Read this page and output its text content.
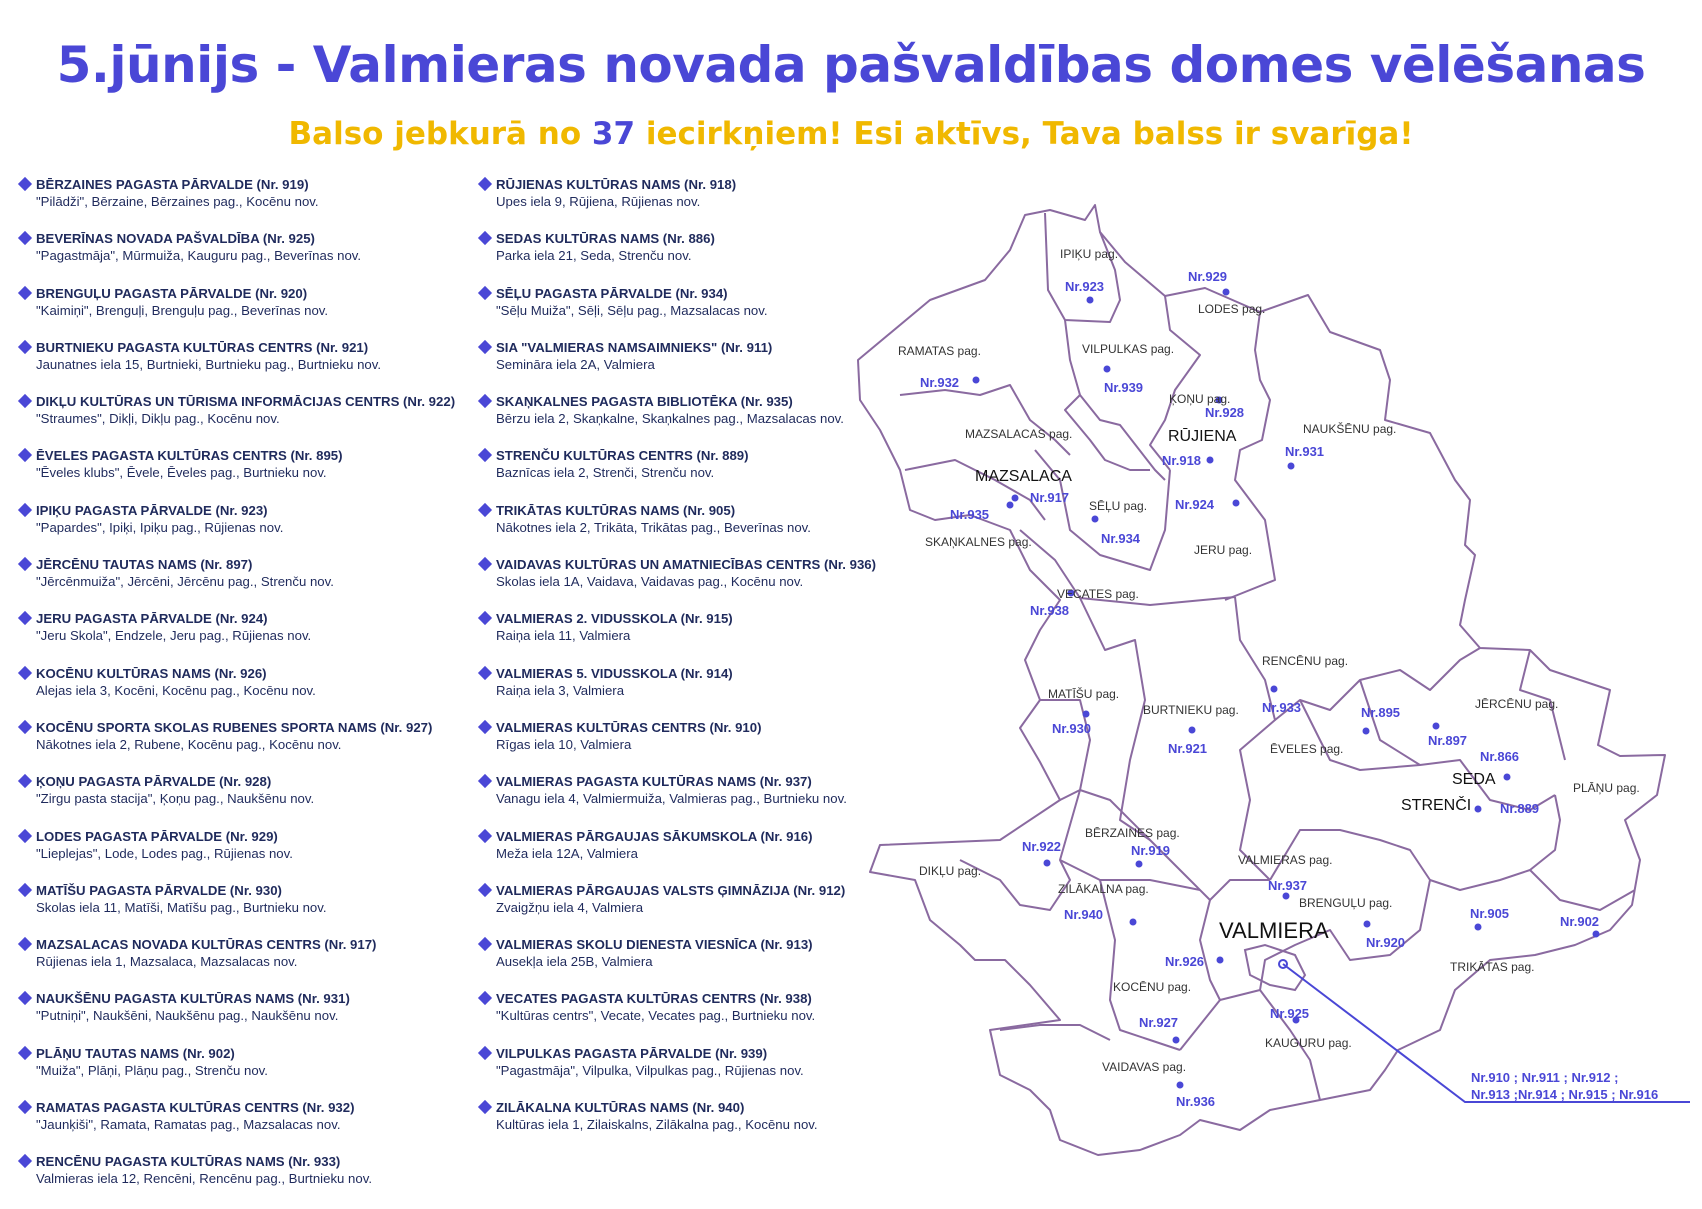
5.jūnijs - Valmieras novada pašvaldības domes vēlēšanas
Balso jebkurā no 37 iecirkņiem! Esi aktīvs, Tava balss ir svarīga!
BĒRZAINES PAGASTA PĀRVALDE (Nr. 919)
"Pilādži", Bērzaine, Bērzaines pag., Kocēnu nov.
BEVERĪNAS NOVADA PAŠVALDĪBA (Nr. 925)
"Pagastmāja", Mūrmuiža, Kauguru pag., Beverīnas nov.
BRENGUĻU PAGASTA PĀRVALDE (Nr. 920)
"Kaimiņi", Brenguļi, Brenguļu pag., Beverīnas nov.
BURTNIEKU PAGASTA KULTŪRAS CENTRS (Nr. 921)
Jaunatnes iela 15, Burtnieki, Burtnieku pag., Burtnieku nov.
DIKĻU KULTŪRAS UN TŪRISMA INFORMĀCIJAS CENTRS (Nr. 922)
"Straumes", Dikļi, Dikļu pag., Kocēnu nov.
ĒVELES PAGASTA KULTŪRAS CENTRS (Nr. 895)
"Ēveles klubs", Ēvele, Ēveles pag., Burtnieku nov.
IPIĶU PAGASTA PĀRVALDE (Nr. 923)
"Papardes", Ipiķi, Ipiķu pag., Rūjienas nov.
JĒRCĒNU TAUTAS NAMS (Nr. 897)
"Jērcēnmuiža", Jērcēni, Jērcēnu pag., Strenču nov.
JERU PAGASTA PĀRVALDE (Nr. 924)
"Jeru Skola", Endzele, Jeru pag., Rūjienas nov.
KOCĒNU KULTŪRAS NAMS (Nr. 926)
Alejas iela 3, Kocēni, Kocēnu pag., Kocēnu nov.
KOCĒNU SPORTA SKOLAS RUBENES SPORTA NAMS (Nr. 927)
Nākotnes iela 2, Rubene, Kocēnu pag., Kocēnu nov.
ĶOŅU PAGASTA PĀRVALDE (Nr. 928)
"Zirgu pasta stacija", Ķoņu pag., Naukšēnu nov.
LODES PAGASTA PĀRVALDE (Nr. 929)
"Lieplejas", Lode, Lodes pag., Rūjienas nov.
MATĪŠU PAGASTA PĀRVALDE (Nr. 930)
Skolas iela 11, Matīši, Matīšu pag., Burtnieku nov.
MAZSALACAS NOVADA KULTŪRAS CENTRS (Nr. 917)
Rūjienas iela 1, Mazsalaca, Mazsalacas nov.
NAUKŠĒNU PAGASTA KULTŪRAS NAMS (Nr. 931)
"Putniņi", Naukšēni, Naukšēnu pag., Naukšēnu nov.
PLĀŅU TAUTAS NAMS (Nr. 902)
"Muiža", Plāņi, Plāņu pag., Strenču nov.
RAMATAS PAGASTA KULTŪRAS CENTRS (Nr. 932)
"Jaunķiši", Ramata, Ramatas pag., Mazsalacas nov.
RENCĒNU PAGASTA KULTŪRAS NAMS (Nr. 933)
Valmieras iela 12, Rencēni, Rencēnu pag., Burtnieku nov.
RŪJIENAS KULTŪRAS NAMS (Nr. 918)
Upes iela 9, Rūjiena, Rūjienas nov.
SEDAS KULTŪRAS NAMS (Nr. 886)
Parka iela 21, Seda, Strenču nov.
SĒĻU PAGASTA PĀRVALDE (Nr. 934)
"Sēļu Muiža", Sēļi, Sēļu pag., Mazsalacas nov.
SIA "VALMIERAS NAMSAIMNIEKS" (Nr. 911)
Semināra iela 2A, Valmiera
SKAŅKALNES PAGASTA BIBLIOTĒKA (Nr. 935)
Bērzu iela 2, Skaņkalne, Skaņkalnes pag., Mazsalacas nov.
STRENČU KULTŪRAS CENTRS (Nr. 889)
Baznīcas iela 2, Strenči, Strenču nov.
TRIKĀTAS KULTŪRAS NAMS (Nr. 905)
Nākotnes iela 2, Trikāta, Trikātas pag., Beverīnas nov.
VAIDAVAS KULTŪRAS UN AMATNIECĪBAS CENTRS (Nr. 936)
Skolas iela 1A, Vaidava, Vaidavas pag., Kocēnu nov.
VALMIERAS 2. VIDUSSKOLA (Nr. 915)
Raiņa iela 11, Valmiera
VALMIERAS 5. VIDUSSKOLA (Nr. 914)
Raiņa iela 3, Valmiera
VALMIERAS KULTŪRAS CENTRS (Nr. 910)
Rīgas iela 10, Valmiera
VALMIERAS PAGASTA KULTŪRAS NAMS (Nr. 937)
Vanagu iela 4, Valmiermuiža, Valmieras pag., Burtnieku nov.
VALMIERAS PĀRGAUJAS SĀKUMSKOLA (Nr. 916)
Meža iela 12A, Valmiera
VALMIERAS PĀRGAUJAS VALSTS ĢIMNĀZIJA (Nr. 912)
Zvaigžņu iela 4, Valmiera
VALMIERAS SKOLU DIENESTA VIESNĪCA (Nr. 913)
Ausekļa iela 25B, Valmiera
VECATES PAGASTA KULTŪRAS CENTRS (Nr. 938)
"Kultūras centrs", Vecate, Vecates pag., Burtnieku nov.
VILPULKAS PAGASTA PĀRVALDE (Nr. 939)
"Pagastmāja", Vilpulka, Vilpulkas pag., Rūjienas nov.
ZILĀKALNA KULTŪRAS NAMS (Nr. 940)
Kultūras iela 1, Zilaiskalns, Zilākalna pag., Kocēnu nov.
IPIĶU pag.
LODES pag.
RAMATAS pag.	VILPULKAS pag.
ĶOŅU pag.
NAUKŠĒNU pag.
MAZSALACAS pag.
SĒĻU pag.
JERU pag.
SKAŅKALNES pag.
VECATES pag.
RENCĒNU pag.
MATĪŠU pag.
BURTNIEKU pag.	JĒRCĒNU pag.
ĒVELES pag.
PLĀŅU pag.
BĒRZAINES pag.
DIKĻU pag.
ZILĀKALNA pag.
VALMIERAS pag.
BRENGUĻU pag.
TRIKĀTAS pag.
KOCĒNU pag.
KAUGURU pag.
VAIDAVAS pag.
RŪJIENA
MAZSALACA
SEDA
STRENČI
VALMIERA
Nr.923
Nr.929
Nr.932	Nr.939
Nr.928
Nr.931
Nr.918
Nr.917
Nr.935
Nr.924
Nr.934
Nr.938
Nr.933
Nr.930
Nr.921
Nr.895
Nr.897
Nr.866
Nr.889
Nr.922	Nr.919
Nr.937
Nr.940	Nr.905
Nr.902
Nr.920
Nr.926
Nr.925
Nr.927
Nr.936
Nr.910 ; Nr.911 ; Nr.912 ;
Nr.913 ;Nr.914 ; Nr.915 ; Nr.916
